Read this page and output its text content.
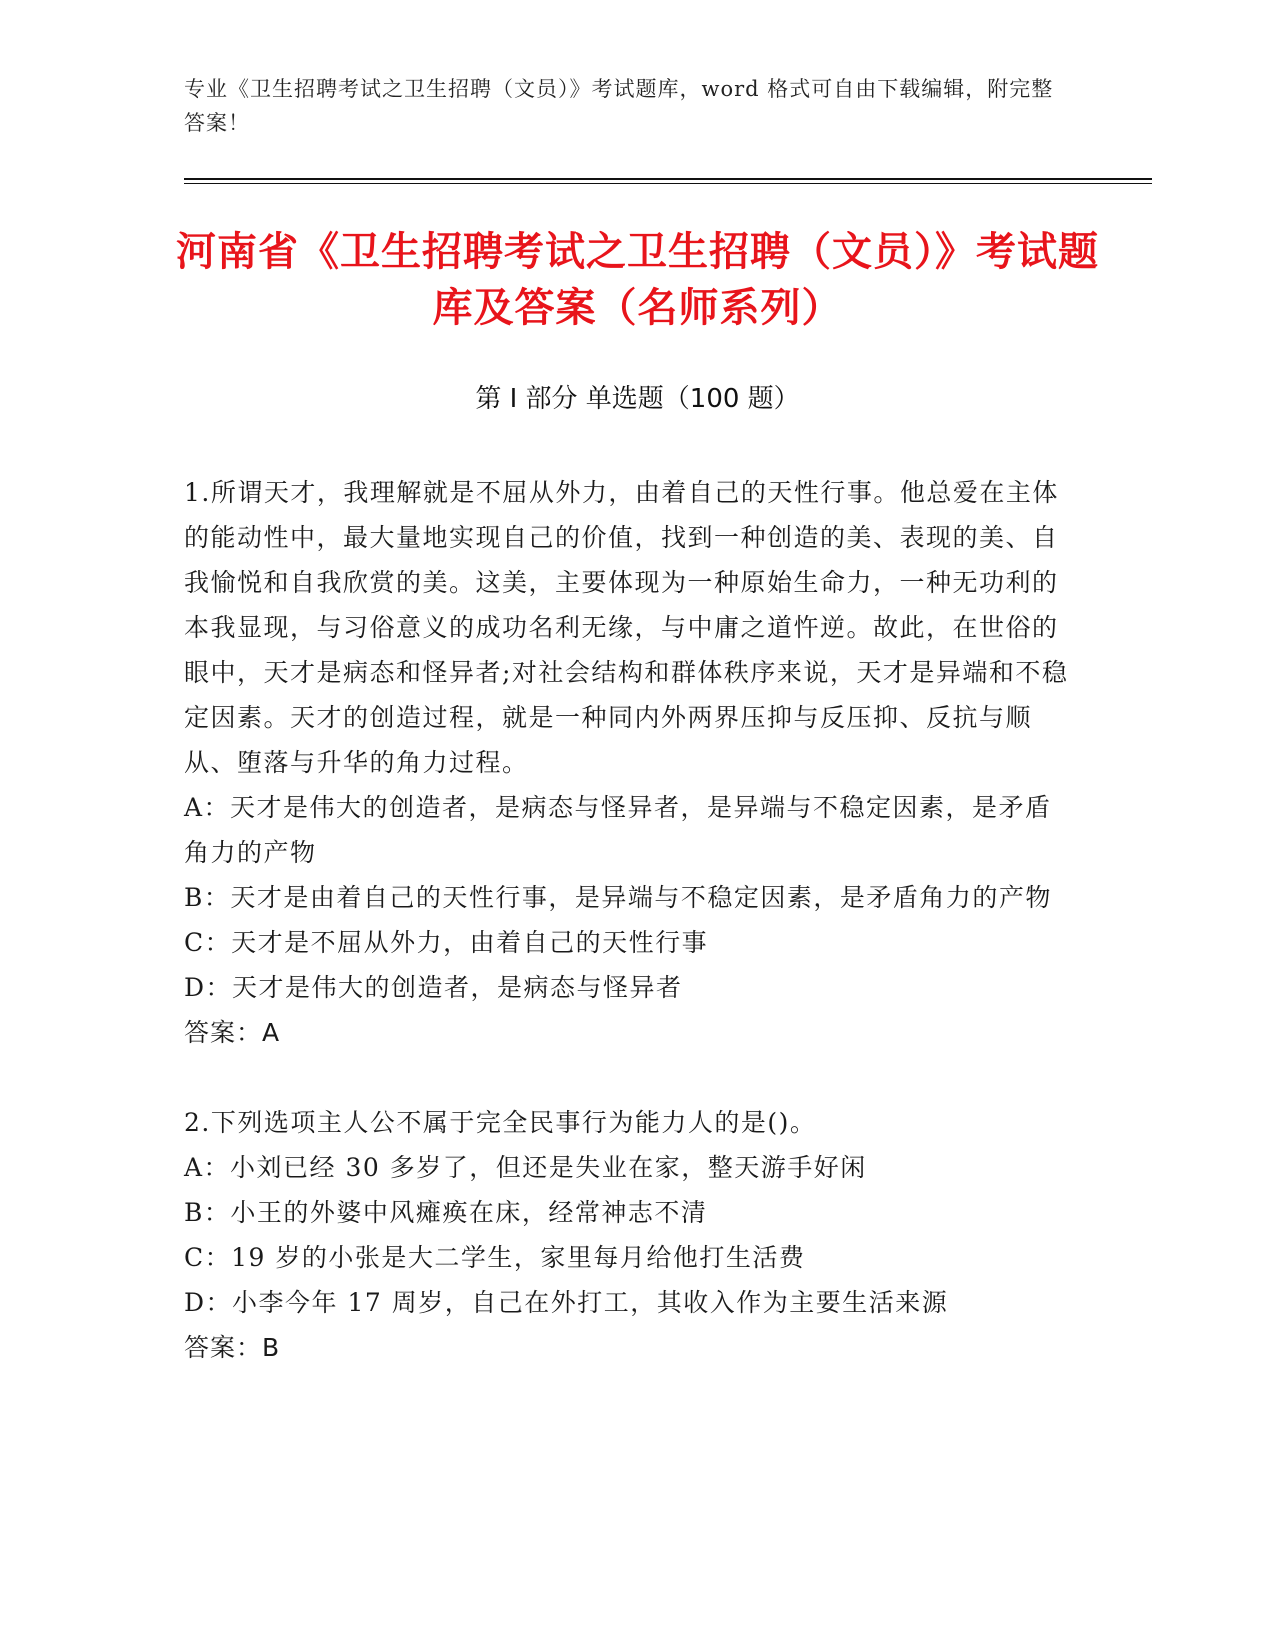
专业《卫生招聘考试之卫生招聘（文员）》考试题库，word 格式可自由下载编辑，附完整答案！
河南省《卫生招聘考试之卫生招聘（文员）》考试题库及答案（名师系列）
第 I 部分 单选题（100 题）

1.所谓天才，我理解就是不屈从外力，由着自己的天性行事。他总爱在主体的能动性中，最大量地实现自己的价值，找到一种创造的美、表现的美、自我愉悦和自我欣赏的美。这美，主要体现为一种原始生命力，一种无功利的本我显现，与习俗意义的成功名利无缘，与中庸之道忤逆。故此，在世俗的眼中，天才是病态和怪异者;对社会结构和群体秩序来说，天才是异端和不稳定因素。天才的创造过程，就是一种同内外两界压抑与反压抑、反抗与顺从、堕落与升华的角力过程。

A：天才是伟大的创造者，是病态与怪异者，是异端与不稳定因素，是矛盾角力的产物

B：天才是由着自己的天性行事，是异端与不稳定因素，是矛盾角力的产物

C：天才是不屈从外力，由着自己的天性行事

D：天才是伟大的创造者，是病态与怪异者

答案：A

2.下列选项主人公不属于完全民事行为能力人的是()。

A：小刘已经 30 多岁了，但还是失业在家，整天游手好闲

B：小王的外婆中风瘫痪在床，经常神志不清

C：19 岁的小张是大二学生，家里每月给他打生活费

D：小李今年 17 周岁，自己在外打工，其收入作为主要生活来源

答案：B
